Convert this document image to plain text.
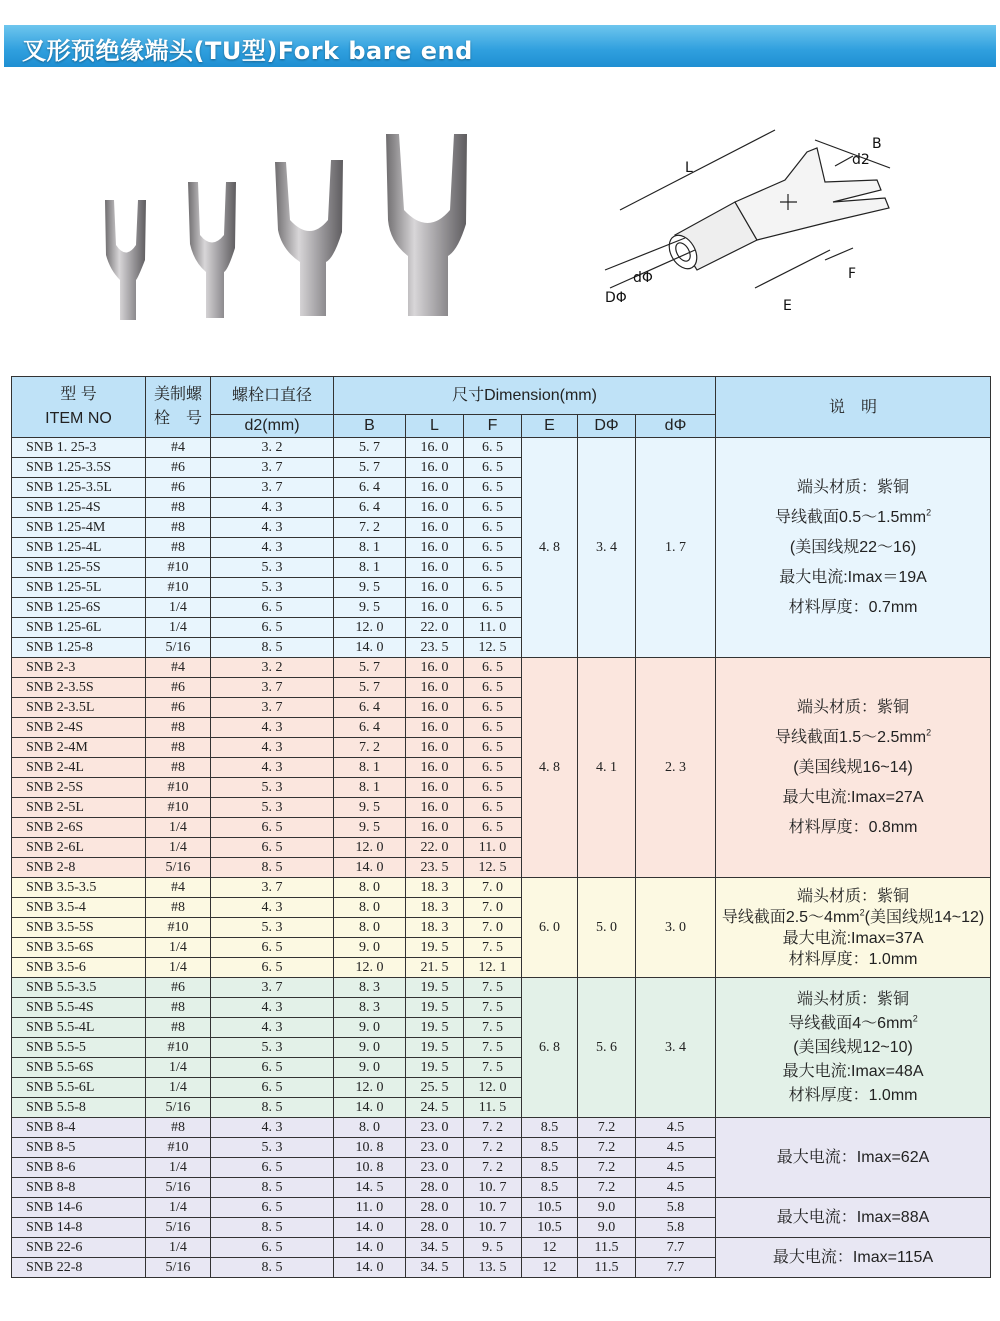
叉形预绝缘端头(TU型)Fork bare end
L
B
d2
F
E
dΦ
DΦ
型 号
ITEM NO	美制螺
栓　号	螺栓口直径	尺寸Dimension(mm)						说　明
		d2(mm)	B	L	F	E	DΦ	dΦ	
SNB 1. 25-3	#4	3. 2	5. 7	16. 0	6. 5	4. 8	3. 4	1. 7	端头材质：紫铜
导线截面$0.5\sim 1.5mm^2$
(美国线规22～16)
最大电流:Imax＝19A
材料厚度：0.7mm
SNB 1.25-3.5S	#6	3. 7	5. 7	16. 0	6. 5				
SNB 1.25-3.5L	#6	3. 7	6. 4	16. 0	6. 5				
SNB 1.25-4S	#8	4. 3	6. 4	16. 0	6. 5				
SNB 1.25-4M	#8	4. 3	7. 2	16. 0	6. 5				
SNB 1.25-4L	#8	4. 3	8. 1	16. 0	6. 5				
SNB 1.25-5S	#10	5. 3	8. 1	16. 0	6. 5				
SNB 1.25-5L	#10	5. 3	9. 5	16. 0	6. 5				
SNB 1.25-6S	1/4	6. 5	9. 5	16. 0	6. 5				
SNB 1.25-6L	1/4	6. 5	12. 0	22. 0	11. 0				
SNB 1.25-8	5/16	8. 5	14. 0	23. 5	12. 5				
SNB 2-3	#4	3. 2	5. 7	16. 0	6. 5	4. 8	4. 1	2. 3	端头材质：紫铜
导线截面$1.5\sim 2.5mm^2$
(美国线规16~14)
最大电流:Imax=27A
材料厚度：0.8mm
SNB 2-3.5S	#6	3. 7	5. 7	16. 0	6. 5				
SNB 2-3.5L	#6	3. 7	6. 4	16. 0	6. 5				
SNB 2-4S	#8	4. 3	6. 4	16. 0	6. 5				
SNB 2-4M	#8	4. 3	7. 2	16. 0	6. 5				
SNB 2-4L	#8	4. 3	8. 1	16. 0	6. 5				
SNB 2-5S	#10	5. 3	8. 1	16. 0	6. 5				
SNB 2-5L	#10	5. 3	9. 5	16. 0	6. 5				
SNB 2-6S	1/4	6. 5	9. 5	16. 0	6. 5				
SNB 2-6L	1/4	6. 5	12. 0	22. 0	11. 0				
SNB 2-8	5/16	8. 5	14. 0	23. 5	12. 5				
SNB 3.5-3.5	#4	3. 7	8. 0	18. 3	7. 0	6. 0	5. 0	3. 0	端头材质：紫铜
导线截面$2.5\sim 4mm^2$(美国线规14~12)
最大电流:Imax=37A
材料厚度：1.0mm
SNB 3.5-4	#8	4. 3	8. 0	18. 3	7. 0				
SNB 3.5-5S	#10	5. 3	8. 0	18. 3	7. 0				
SNB 3.5-6S	1/4	6. 5	9. 0	19. 5	7. 5				
SNB 3.5-6	1/4	6. 5	12. 0	21. 5	12. 1				
SNB 5.5-3.5	#6	3. 7	8. 3	19. 5	7. 5	6. 8	5. 6	3. 4	端头材质：紫铜
导线截面$4\sim 6mm^2$
(美国线规12~10)
最大电流:Imax=48A
材料厚度：1.0mm
SNB 5.5-4S	#8	4. 3	8. 3	19. 5	7. 5				
SNB 5.5-4L	#8	4. 3	9. 0	19. 5	7. 5				
SNB 5.5-5	#10	5. 3	9. 0	19. 5	7. 5				
SNB 5.5-6S	1/4	6. 5	9. 0	19. 5	7. 5				
SNB 5.5-6L	1/4	6. 5	12. 0	25. 5	12. 0				
SNB 5.5-8	5/16	8. 5	14. 0	24. 5	11. 5				
SNB 8-4	#8	4. 3	8. 0	23. 0	7. 2	8.5	7.2	4.5	最大电流：Imax=62A
SNB 8-5	#10	5. 3	10. 8	23. 0	7. 2	8.5	7.2	4.5	
SNB 8-6	1/4	6. 5	10. 8	23. 0	7. 2	8.5	7.2	4.5	
SNB 8-8	5/16	8. 5	14. 5	28. 0	10. 7	8.5	7.2	4.5	
SNB 14-6	1/4	6. 5	11. 0	28. 0	10. 7	10.5	9.0	5.8	最大电流：Imax=88A
SNB 14-8	5/16	8. 5	14. 0	28. 0	10. 7	10.5	9.0	5.8	
SNB 22-6	1/4	6. 5	14. 0	34. 5	9. 5	12	11.5	7.7	最大电流：Imax=115A
SNB 22-8	5/16	8. 5	14. 0	34. 5	13. 5	12	11.5	7.7	
